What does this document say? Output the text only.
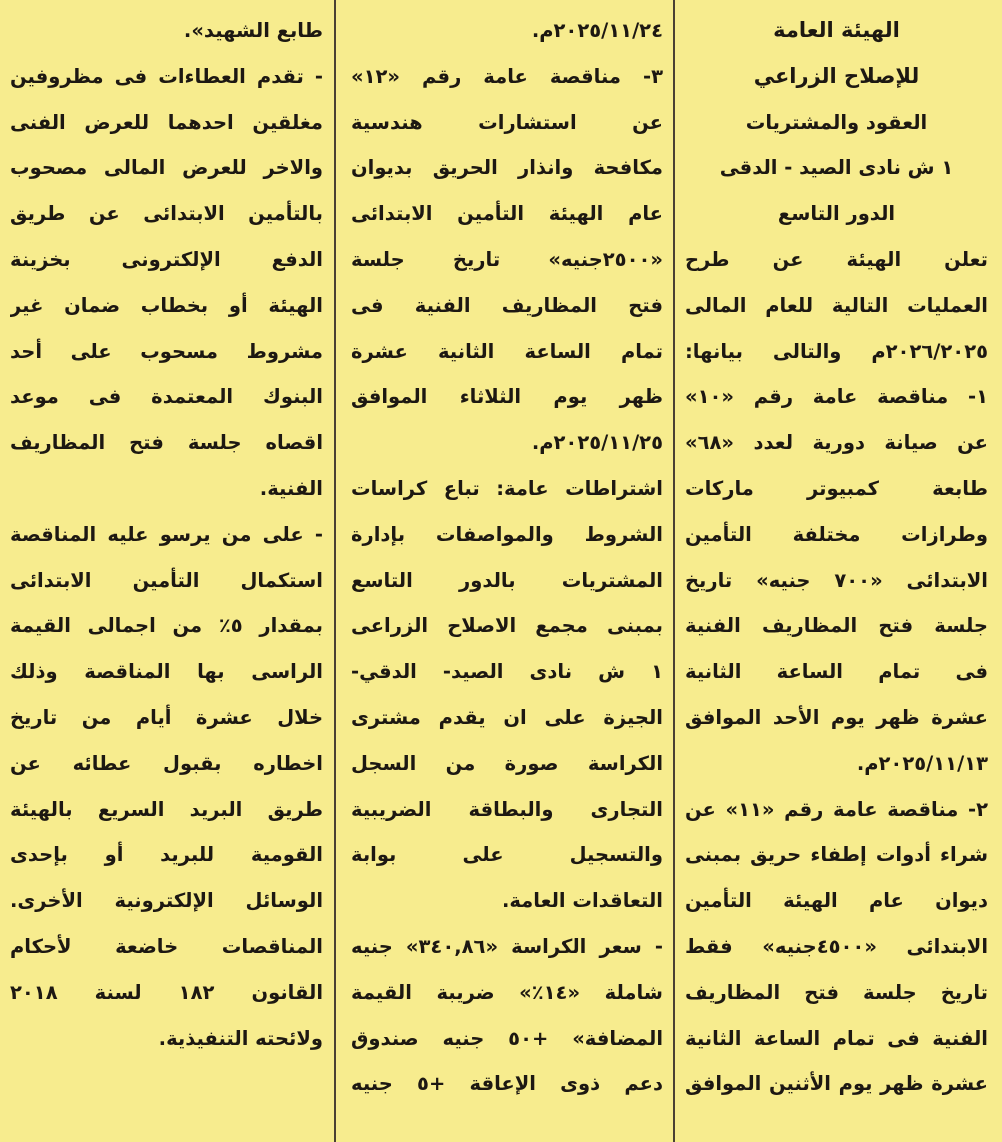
الهيئة العامة
للإصلاح الزراعي
العقود والمشتريات
١ ش نادى الصيد - الدقى
الدور التاسع
تعلن الهيئة عن طرح
العمليات التالية للعام المالى
٢٠٢٦/٢٠٢٥م والتالى بيانها:
١- مناقصة عامة رقم «١٠»
عن صيانة دورية لعدد «٦٨»
طابعة كمبيوتر ماركات
وطرازات مختلفة التأمين
الابتدائى «٧٠٠ جنيه» تاريخ
جلسة فتح المظاريف الفنية
فى تمام الساعة الثانية
عشرة ظهر يوم الأحد الموافق
٢٠٢٥/١١/١٣م.
٢- مناقصة عامة رقم «١١» عن
شراء أدوات إطفاء حريق بمبنى
ديوان عام الهيئة التأمين
الابتدائى «٤٥٠٠جنيه» فقط
تاريخ جلسة فتح المظاريف
الفنية فى تمام الساعة الثانية
عشرة ظهر يوم الأثنين الموافق
٢٠٢٥/١١/٢٤م.
٣- مناقصة عامة رقم «١٢»
عن استشارات هندسية
مكافحة وانذار الحريق بديوان
عام الهيئة التأمين الابتدائى
«٢٥٠٠جنيه» تاريخ جلسة
فتح المظاريف الفنية فى
تمام الساعة الثانية عشرة
ظهر يوم الثلاثاء الموافق
٢٠٢٥/١١/٢٥م.
اشتراطات عامة: تباع كراسات
الشروط والمواصفات بإدارة
المشتريات بالدور التاسع
بمبنى مجمع الاصلاح الزراعى
١ ش نادى الصيد- الدقي-
الجيزة على ان يقدم مشترى
الكراسة صورة من السجل
التجارى والبطاقة الضريبية
والتسجيل على بوابة
التعاقدات العامة.
- سعر الكراسة «٣٤٠,٨٦» جنيه
شاملة «١٤٪» ضريبة القيمة
المضافة» +٥٠ جنيه صندوق
دعم ذوى الإعاقة +٥ جنيه
طابع الشهيد».
- تقدم العطاءات فى مظروفين
مغلقين احدهما للعرض الفنى
والاخر للعرض المالى مصحوب
بالتأمين الابتدائى عن طريق
الدفع الإلكترونى بخزينة
الهيئة أو بخطاب ضمان غير
مشروط مسحوب على أحد
البنوك المعتمدة فى موعد
اقصاه جلسة فتح المظاريف
الفنية.
- على من يرسو عليه المناقصة
استكمال التأمين الابتدائى
بمقدار ٥٪ من اجمالى القيمة
الراسى بها المناقصة وذلك
خلال عشرة أيام من تاريخ
اخطاره بقبول عطائه عن
طريق البريد السريع بالهيئة
القومية للبريد أو بإحدى
الوسائل الإلكترونية الأخرى.
المناقصات خاضعة لأحكام
القانون ١٨٢ لسنة ٢٠١٨
ولائحته التنفيذية.
